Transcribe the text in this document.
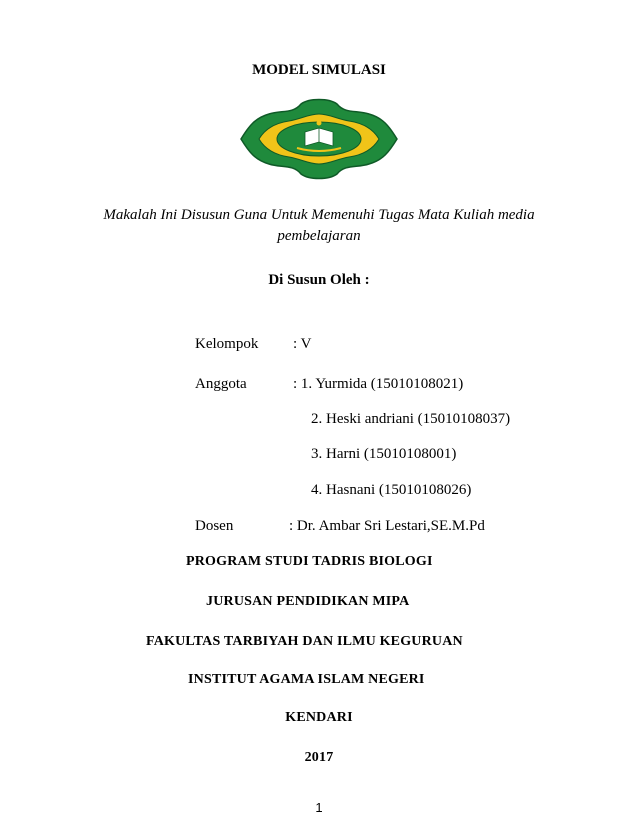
MODEL SIMULASI
Makalah Ini Disusun Guna Untuk Memenuhi Tugas Mata Kuliah media
pembelajaran
Di Susun Oleh :
Kelompok : V
Anggota	: 1. Yurmida (15010108021)
2. Heski andriani (15010108037)
3. Harni (15010108001)
4. Hasnani (15010108026)
Dosen	: Dr. Ambar Sri Lestari,SE.M.Pd
PROGRAM STUDI TADRIS BIOLOGI
JURUSAN PENDIDIKAN MIPA
FAKULTAS TARBIYAH DAN ILMU KEGURUAN
INSTITUT AGAMA ISLAM NEGERI
KENDARI
2017
1
